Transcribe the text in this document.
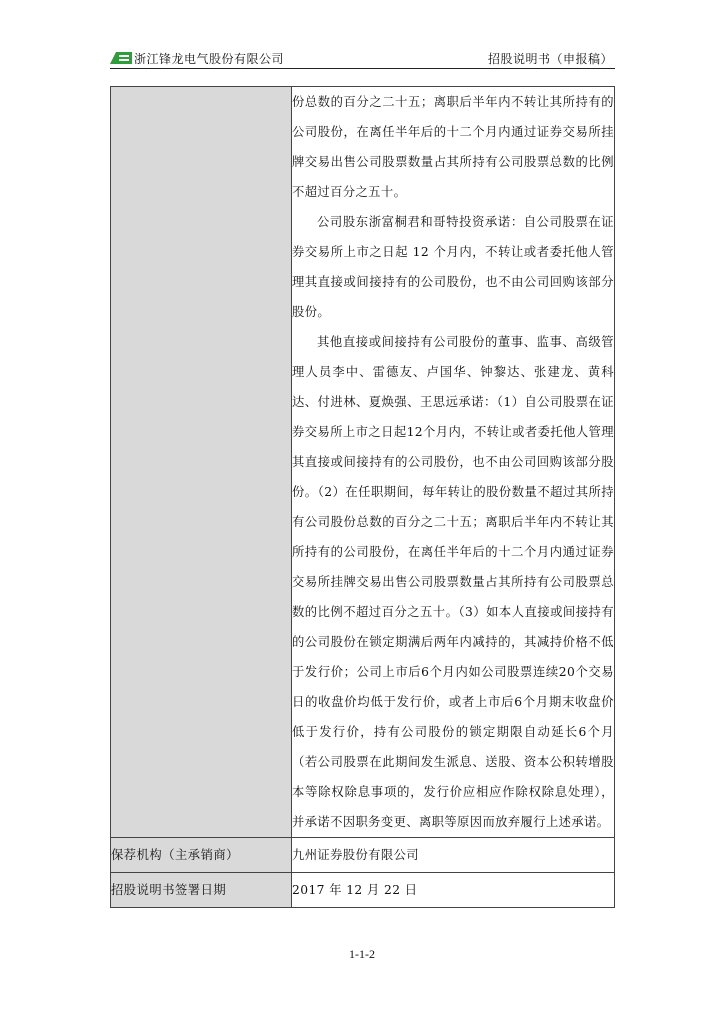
浙江锋龙电气股份有限公司	招股说明书（申报稿）

	份总数的百分之二十五；离职后半年内不转让其所持有的公司股份，在离任半年后的十二个月内通过证券交易所挂牌交易出售公司股票数量占其所持有公司股票总数的比例不超过百分之五十。

公司股东浙富桐君和哥特投资承诺：自公司股票在证券交易所上市之日起 12 个月内，不转让或者委托他人管理其直接或间接持有的公司股份，也不由公司回购该部分股份。

其他直接或间接持有公司股份的董事、监事、高级管理人员李中、雷德友、卢国华、钟黎达、张建龙、黄科达、付进林、夏焕强、王思远承诺：（1）自公司股票在证券交易所上市之日起12个月内，不转让或者委托他人管理其直接或间接持有的公司股份，也不由公司回购该部分股份。（2）在任职期间，每年转让的股份数量不超过其所持有公司股份总数的百分之二十五；离职后半年内不转让其所持有的公司股份，在离任半年后的十二个月内通过证券交易所挂牌交易出售公司股票数量占其所持有公司股票总数的比例不超过百分之五十。（3）如本人直接或间接持有的公司股份在锁定期满后两年内减持的，其减持价格不低于发行价；公司上市后6个月内如公司股票连续20个交易日的收盘价均低于发行价，或者上市后6个月期末收盘价低于发行价，持有公司股份的锁定期限自动延长6个月（若公司股票在此期间发生派息、送股、资本公积转增股本等除权除息事项的，发行价应相应作除权除息处理），并承诺不因职务变更、离职等原因而放弃履行上述承诺。

保荐机构（主承销商）	九州证券股份有限公司
招股说明书签署日期	2017 年 12 月 22 日
1-1-2
